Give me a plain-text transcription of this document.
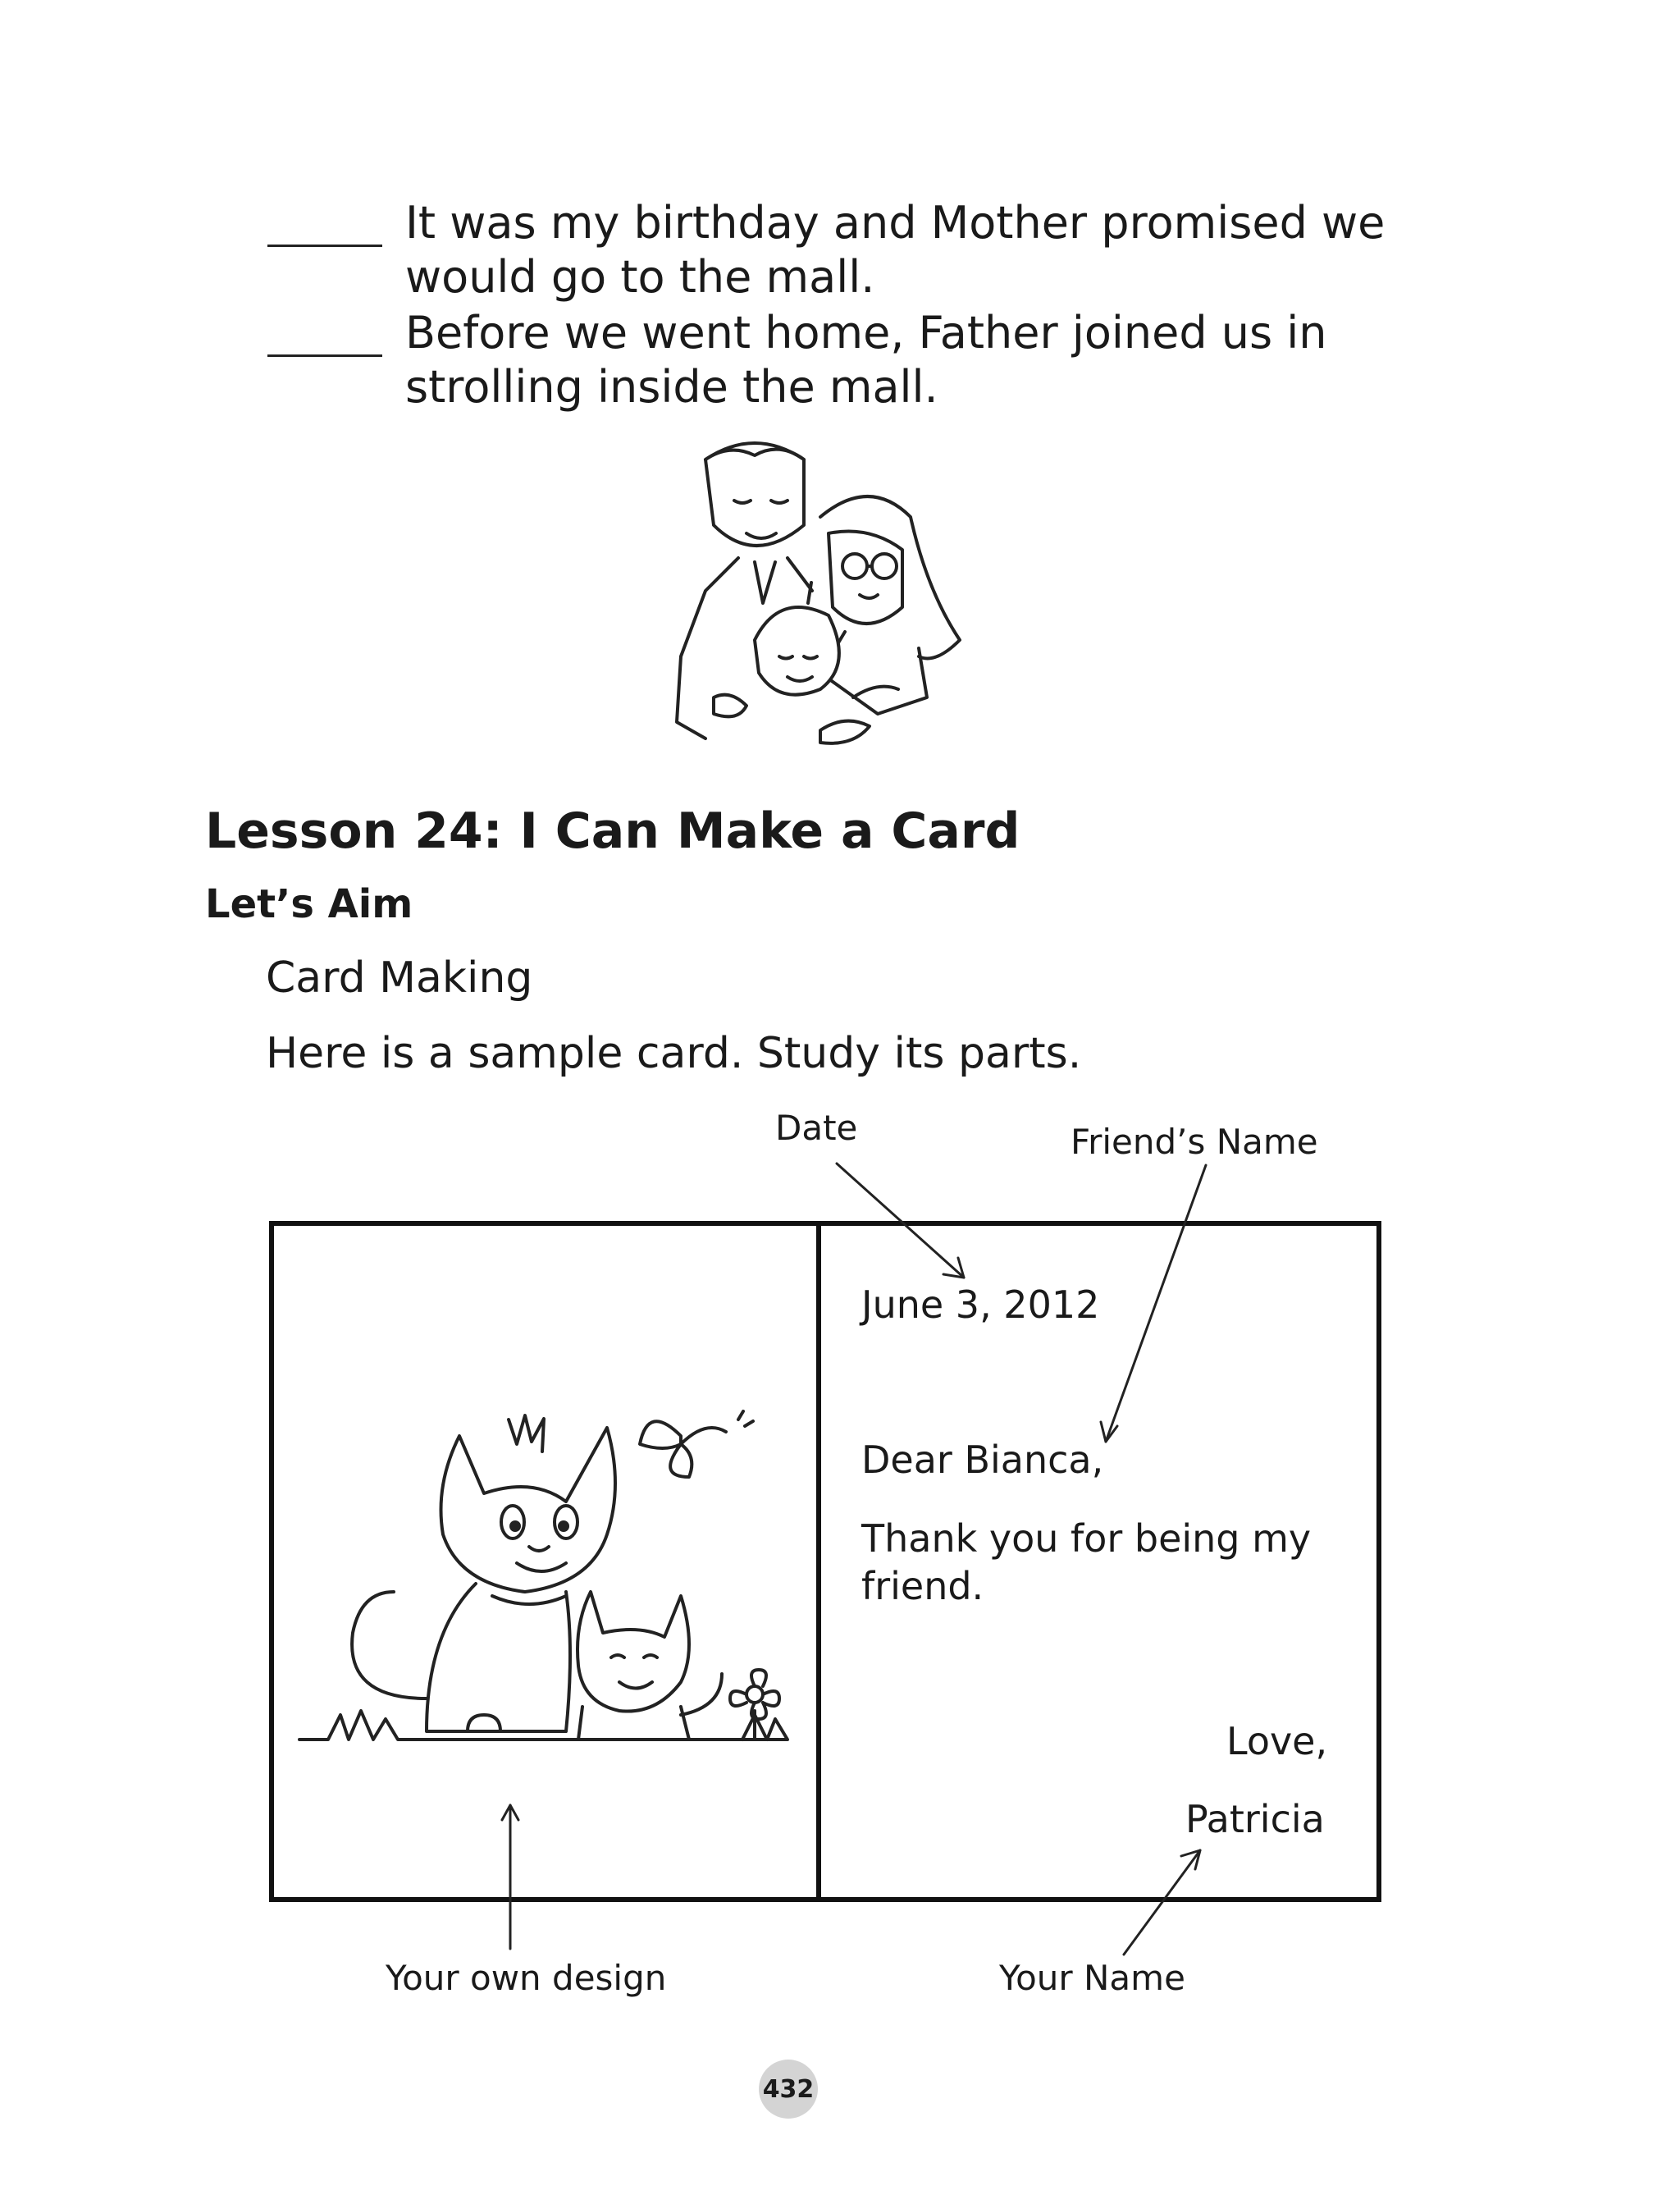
It was my birthday and Mother promised we
would go to the mall.
Before we went home, Father joined us in
strolling inside the mall.
Lesson 24: I Can Make a Card
Let’s Aim
Card Making
Here is a sample card. Study its parts.
Date	Friend’s Name
Your own design	Your Name
June 3, 2012
Dear Bianca,
Thank you for being my
friend.
Love,
Patricia
432
